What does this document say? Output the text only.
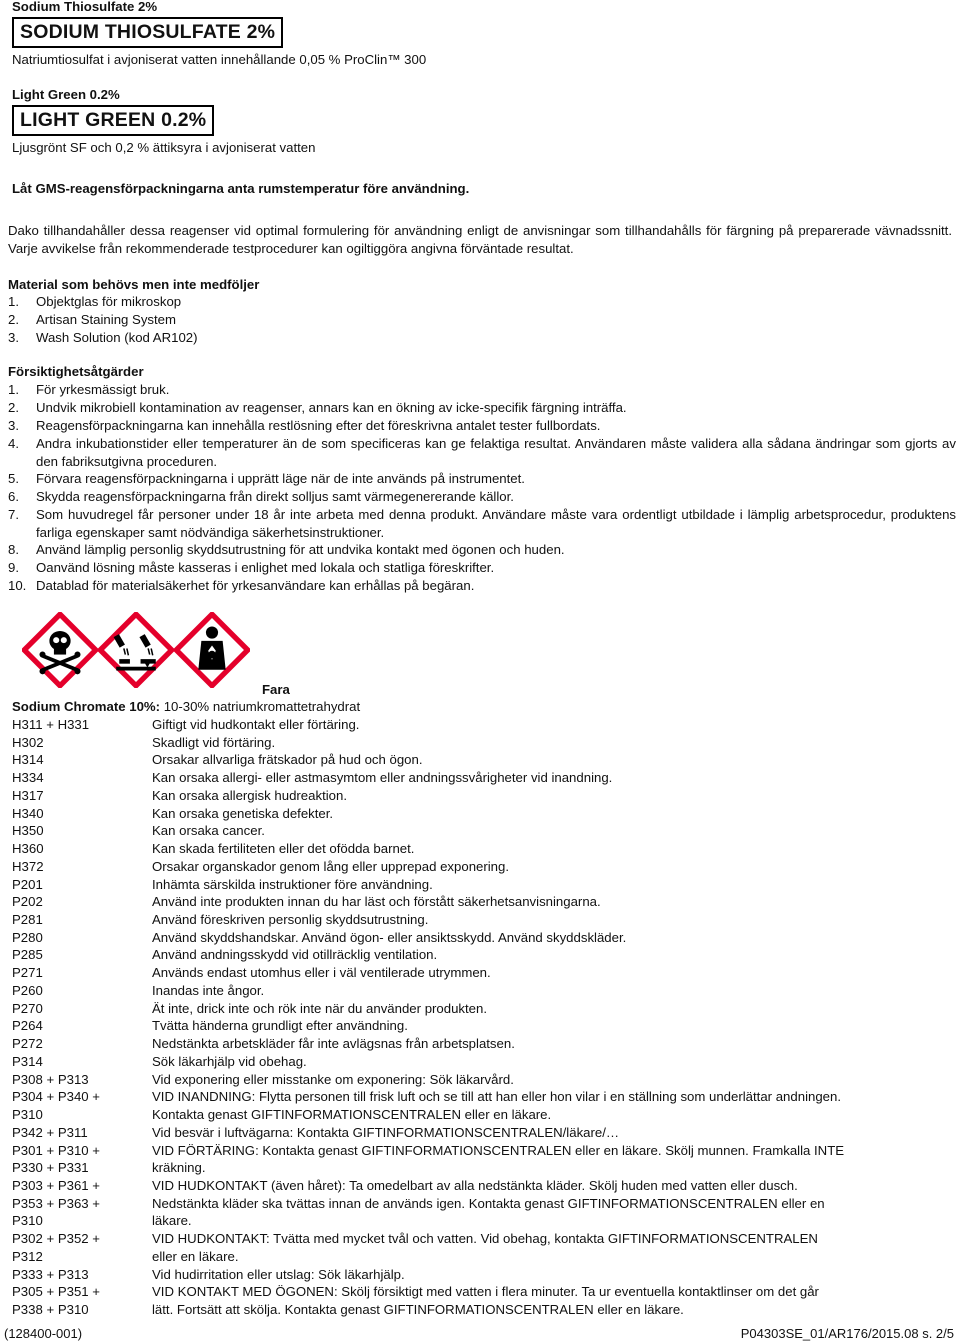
Sodium Thiosulfate 2%
SODIUM THIOSULFATE 2%
Natriumtiosulfat i avjoniserat vatten innehållande 0,05 % ProClin™ 300
Light Green 0.2%
LIGHT GREEN 0.2%
Ljusgrönt SF och 0,2 % ättiksyra i avjoniserat vatten
Låt GMS-reagensförpackningarna anta rumstemperatur före användning.
Dako tillhandahåller dessa reagenser vid optimal formulering för användning enligt de anvisningar som tillhandahålls för färgning på preparerade vävnadssnitt. Varje avvikelse från rekommenderade testprocedurer kan ogiltiggöra angivna förväntade resultat.
Material som behövs men inte medföljer
1. Objektglas för mikroskop
2. Artisan Staining System
3. Wash Solution (kod AR102)
Försiktighetsåtgärder
1. För yrkesmässigt bruk.
2. Undvik mikrobiell kontamination av reagenser, annars kan en ökning av icke-specifik färgning inträffa.
3. Reagensförpackningarna kan innehålla restlösning efter det föreskrivna antalet tester fullbordats.
4. Andra inkubationstider eller temperaturer än de som specificeras kan ge felaktiga resultat. Användaren måste validera alla sådana ändringar som gjorts av den fabriksutgivna proceduren.
5. Förvara reagensförpackningarna i upprätt läge när de inte används på instrumentet.
6. Skydda reagensförpackningarna från direkt solljus samt värmegenererande källor.
7. Som huvudregel får personer under 18 år inte arbeta med denna produkt. Användare måste vara ordentligt utbildade i lämplig arbetsprocedur, produktens farliga egenskaper samt nödvändiga säkerhetsinstruktioner.
8. Använd lämplig personlig skyddsutrustning för att undvika kontakt med ögonen och huden.
9. Oanvänd lösning måste kasseras i enlighet med lokala och statliga föreskrifter.
10. Datablad för materialsäkerhet för yrkesanvändare kan erhållas på begäran.
Fara
Sodium Chromate 10%: 10-30% natriumkromattetrahydrat
H311 + H331	Giftigt vid hudkontakt eller förtäring.
H302	Skadligt vid förtäring.
H314	Orsakar allvarliga frätskador på hud och ögon.
H334	Kan orsaka allergi- eller astmasymtom eller andningssvårigheter vid inandning.
H317	Kan orsaka allergisk hudreaktion.
H340	Kan orsaka genetiska defekter.
H350	Kan orsaka cancer.
H360	Kan skada fertiliteten eller det ofödda barnet.
H372	Orsakar organskador genom lång eller upprepad exponering.
P201	Inhämta särskilda instruktioner före användning.
P202	Använd inte produkten innan du har läst och förstått säkerhetsanvisningarna.
P281	Använd föreskriven personlig skyddsutrustning.
P280	Använd skyddshandskar. Använd ögon- eller ansiktsskydd. Använd skyddskläder.
P285	Använd andningsskydd vid otillräcklig ventilation.
P271	Används endast utomhus eller i väl ventilerade utrymmen.
P260	Inandas inte ångor.
P270	Ät inte, drick inte och rök inte när du använder produkten.
P264	Tvätta händerna grundligt efter användning.
P272	Nedstänkta arbetskläder får inte avlägsnas från arbetsplatsen.
P314	Sök läkarhjälp vid obehag.
P308 + P313	Vid exponering eller misstanke om exponering: Sök läkarvård.
P304 + P340 +	VID INANDNING: Flytta personen till frisk luft och se till att han eller hon vilar i en ställning som underlättar andningen.
P310	Kontakta genast GIFTINFORMATIONSCENTRALEN eller en läkare.
P342 + P311	Vid besvär i luftvägarna: Kontakta GIFTINFORMATIONSCENTRALEN/läkare/…
P301 + P310 +	VID FÖRTÄRING: Kontakta genast GIFTINFORMATIONSCENTRALEN eller en läkare. Skölj munnen. Framkalla INTE
P330 + P331	kräkning.
P303 + P361 +	VID HUDKONTAKT (även håret): Ta omedelbart av alla nedstänkta kläder. Skölj huden med vatten eller dusch.
P353 + P363 +	Nedstänkta kläder ska tvättas innan de används igen. Kontakta genast GIFTINFORMATIONSCENTRALEN eller en
P310	läkare.
P302 + P352 +	VID HUDKONTAKT: Tvätta med mycket tvål och vatten. Vid obehag, kontakta GIFTINFORMATIONSCENTRALEN
P312	eller en läkare.
P333 + P313	Vid hudirritation eller utslag: Sök läkarhjälp.
P305 + P351 +	VID KONTAKT MED ÖGONEN: Skölj försiktigt med vatten i flera minuter. Ta ur eventuella kontaktlinser om det går
P338 + P310	lätt. Fortsätt att skölja. Kontakta genast GIFTINFORMATIONSCENTRALEN eller en läkare.
(128400-001)	P04303SE_01/AR176/2015.08 s. 2/5
